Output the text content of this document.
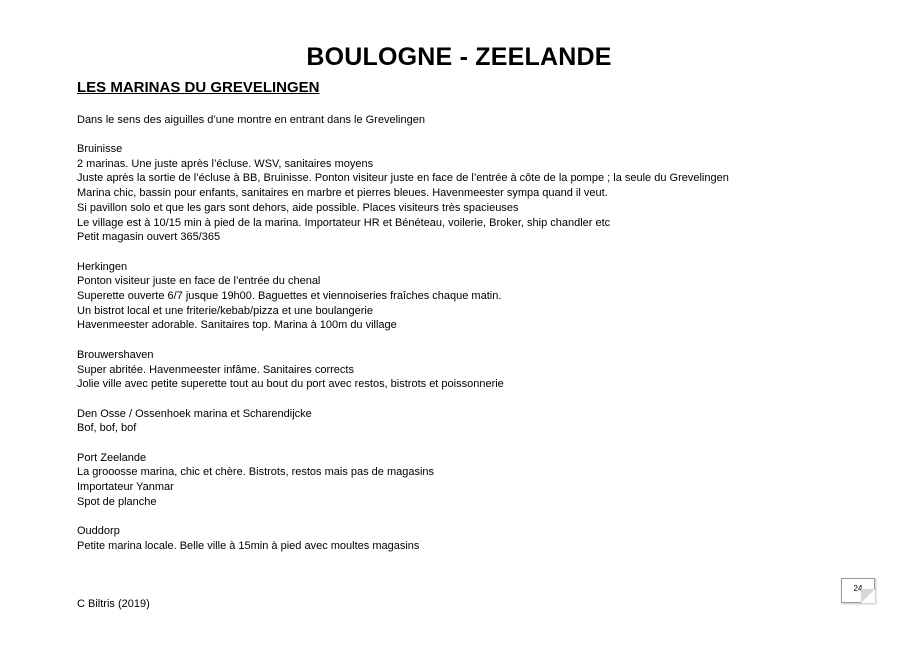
BOULOGNE - ZEELANDE
LES MARINAS DU GREVELINGEN
Dans le sens des aiguilles d’une montre en entrant dans le Grevelingen
Bruinisse
2 marinas. Une juste après l’écluse. WSV, sanitaires moyens
Juste après la sortie de l’écluse à BB, Bruinisse. Ponton visiteur juste en face de l’entrée à côte de la pompe ; la seule du Grevelingen
Marina chic, bassin pour enfants, sanitaires en marbre et pierres bleues. Havenmeester sympa quand il veut.
Si pavillon solo et que les gars sont dehors, aide possible. Places visiteurs très spacieuses
Le village est à 10/15 min à pied de la marina. Importateur HR et Bénéteau, voilerie, Broker, ship chandler etc
Petit magasin ouvert 365/365
Herkingen
Ponton visiteur juste en face de l’entrée du chenal
Superette ouverte 6/7 jusque 19h00. Baguettes et viennoiseries fraîches chaque matin.
Un bistrot local et une friterie/kebab/pizza et une boulangerie
Havenmeester adorable. Sanitaires top. Marina à 100m du village
Brouwershaven
Super abritée. Havenmeester infâme. Sanitaires corrects
Jolie ville avec petite superette tout au bout du port avec restos, bistrots et poissonnerie
Den Osse / Ossenhoek marina et Scharendijcke
Bof, bof, bof
Port Zeelande
La grooosse marina, chic et chère. Bistrots, restos mais pas de magasins
Importateur Yanmar
Spot de planche
Ouddorp
Petite marina locale. Belle ville à 15min à pied avec moultes magasins
C Biltris (2019)
24
